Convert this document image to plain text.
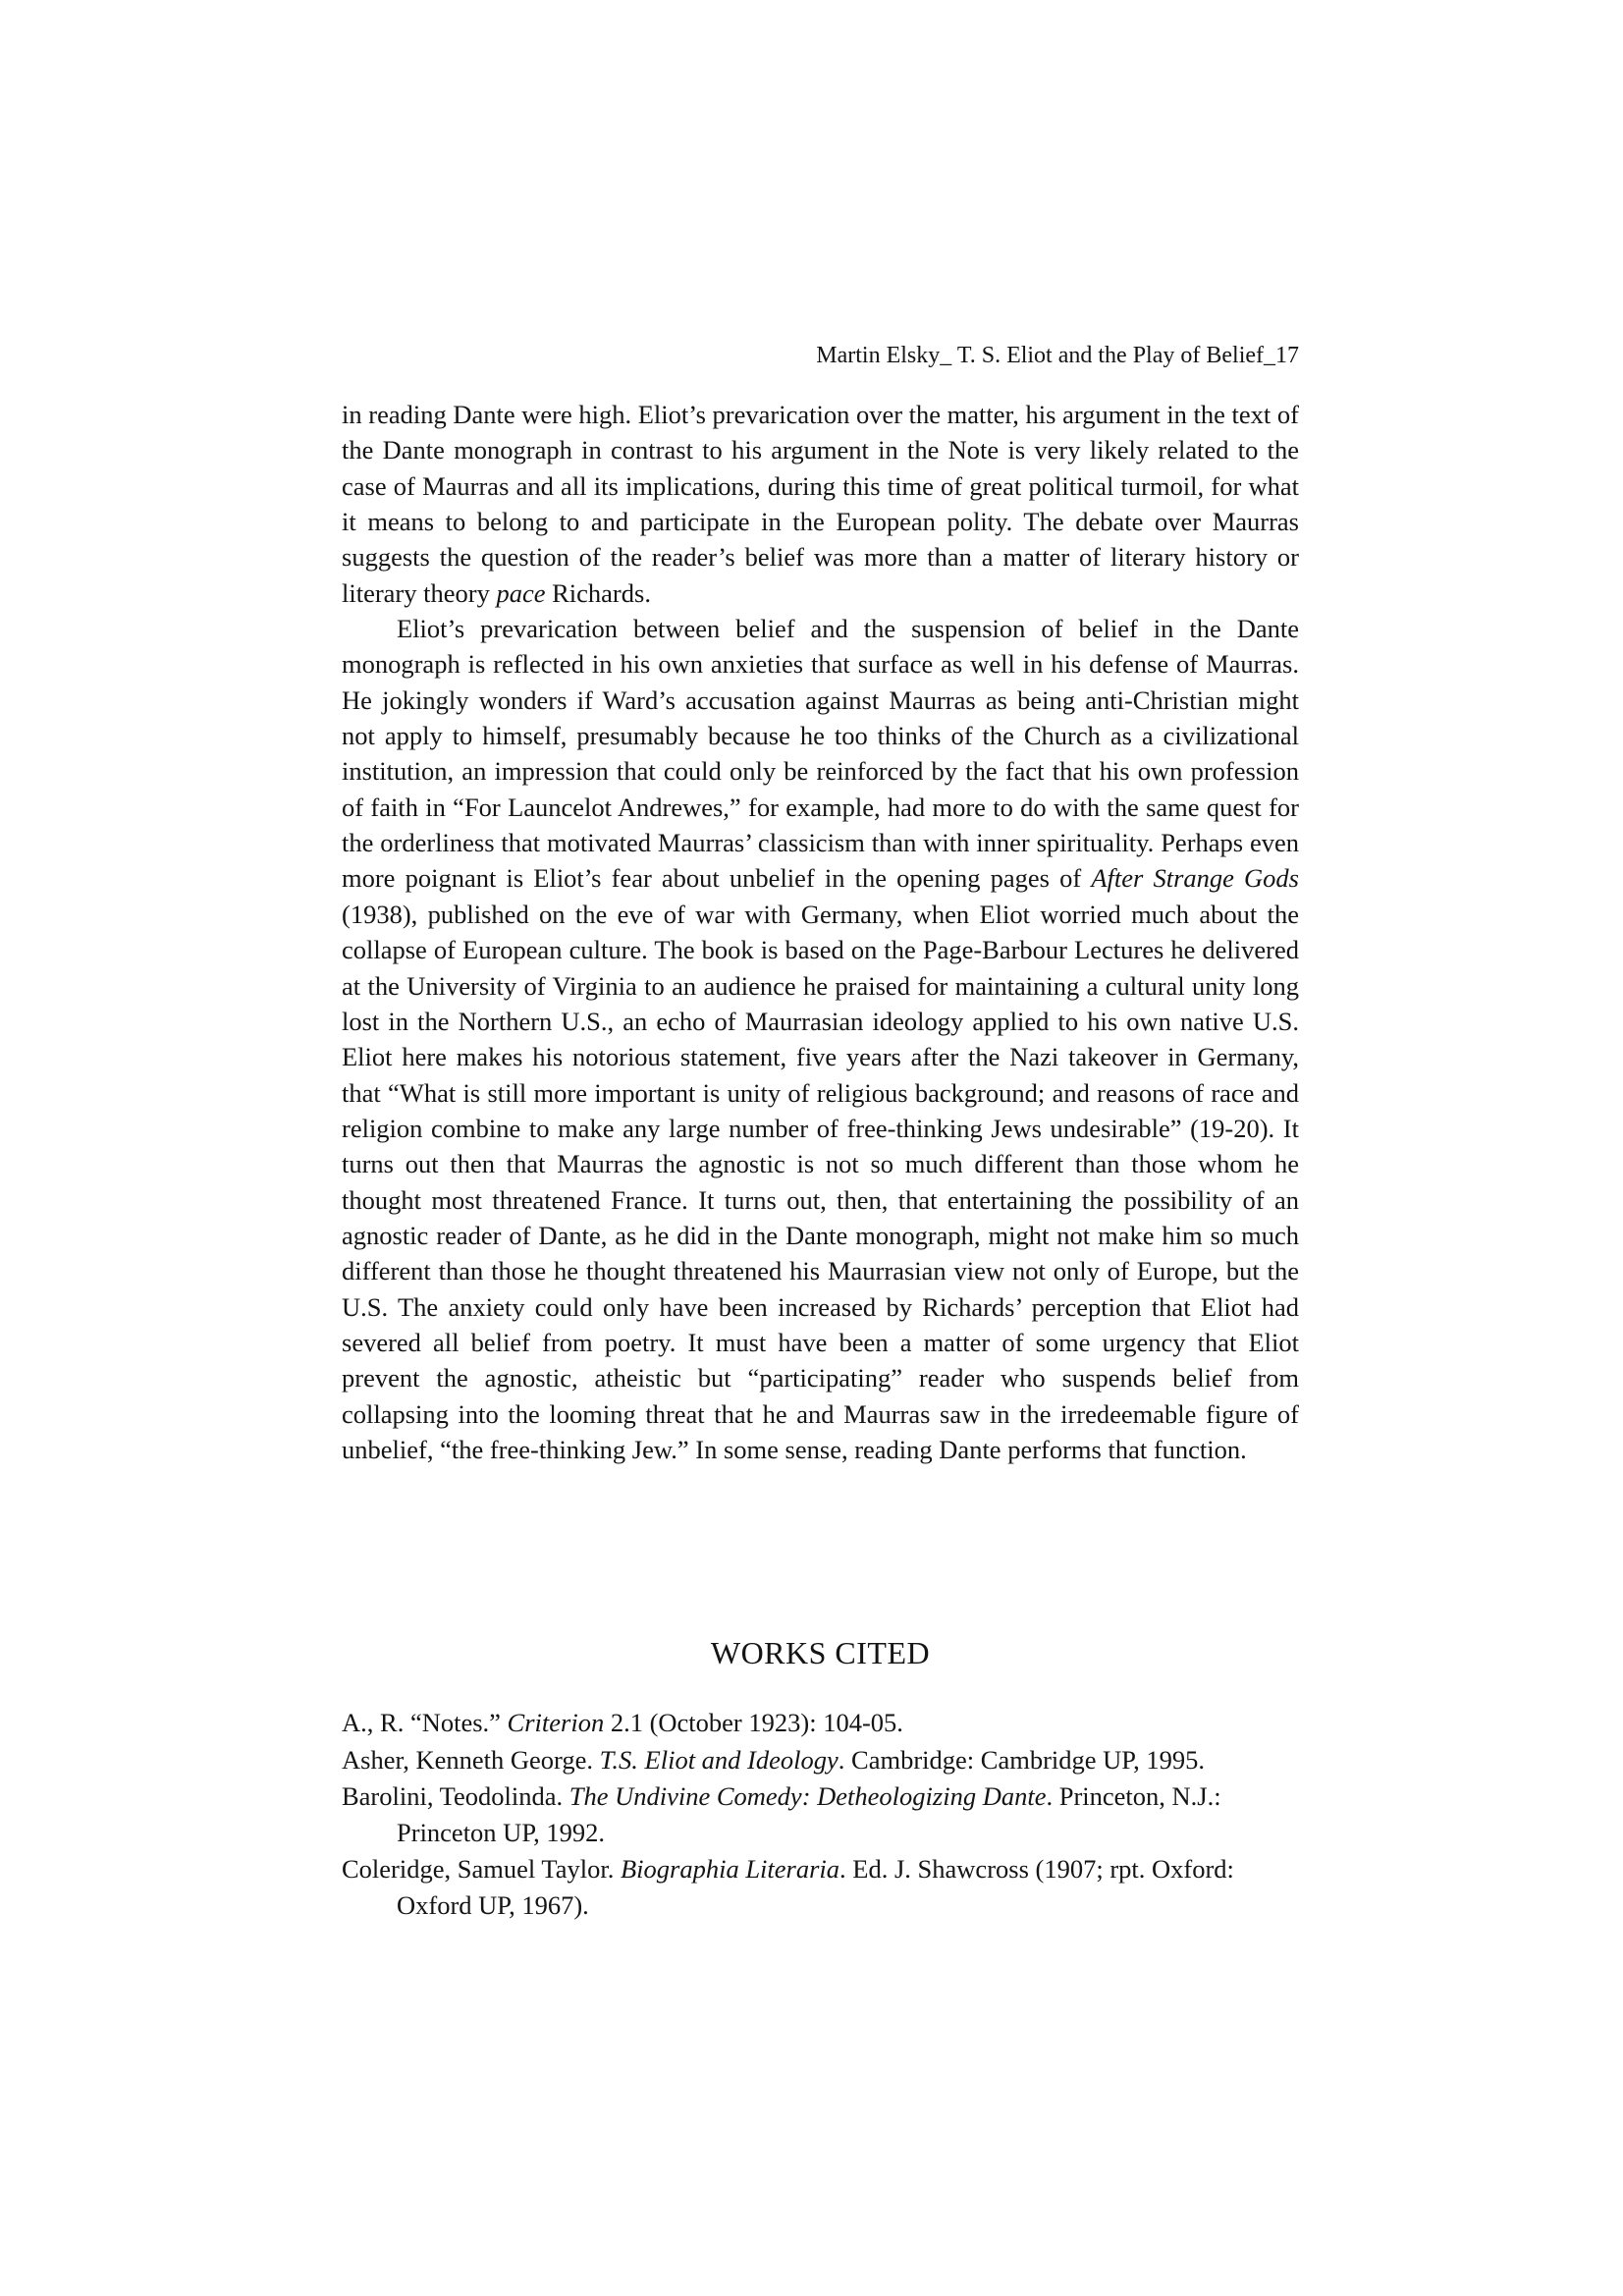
Martin Elsky_ T. S. Eliot and the Play of Belief_17

in reading Dante were high. Eliot’s prevarication over the matter, his argument in the text of the Dante monograph in contrast to his argument in the Note is very likely related to the case of Maurras and all its implications, during this time of great political turmoil, for what it means to belong to and participate in the European polity. The debate over Maurras suggests the question of the reader’s belief was more than a matter of literary history or literary theory pace Richards.

Eliot’s prevarication between belief and the suspension of belief in the Dante monograph is reflected in his own anxieties that surface as well in his defense of Maurras. He jokingly wonders if Ward’s accusation against Maurras as being anti-Christian might not apply to himself, presumably because he too thinks of the Church as a civilizational institution, an impression that could only be reinforced by the fact that his own profession of faith in “For Launcelot Andrewes,” for example, had more to do with the same quest for the orderliness that motivated Maurras’ classicism than with inner spirituality. Perhaps even more poignant is Eliot’s fear about unbelief in the opening pages of After Strange Gods (1938), published on the eve of war with Germany, when Eliot worried much about the collapse of European culture. The book is based on the Page-Barbour Lectures he delivered at the University of Virginia to an audience he praised for maintaining a cultural unity long lost in the Northern U.S., an echo of Maurrasian ideology applied to his own native U.S. Eliot here makes his notorious statement, five years after the Nazi takeover in Germany, that “What is still more important is unity of religious background; and reasons of race and religion combine to make any large number of free-thinking Jews undesirable” (19-20). It turns out then that Maurras the agnostic is not so much different than those whom he thought most threatened France. It turns out, then, that entertaining the possibility of an agnostic reader of Dante, as he did in the Dante monograph, might not make him so much different than those he thought threatened his Maurrasian view not only of Europe, but the U.S. The anxiety could only have been increased by Richards’ perception that Eliot had severed all belief from poetry. It must have been a matter of some urgency that Eliot prevent the agnostic, atheistic but “participating” reader who suspends belief from collapsing into the looming threat that he and Maurras saw in the irredeemable figure of unbelief, “the free-thinking Jew.” In some sense, reading Dante performs that function.

WORKS CITED
A., R. “Notes.” Criterion 2.1 (October 1923): 104-05.
Asher, Kenneth George. T.S. Eliot and Ideology. Cambridge: Cambridge UP, 1995.
Barolini, Teodolinda. The Undivine Comedy: Detheologizing Dante. Princeton, N.J.: Princeton UP, 1992.
Coleridge, Samuel Taylor. Biographia Literaria. Ed. J. Shawcross (1907; rpt. Oxford: Oxford UP, 1967).
